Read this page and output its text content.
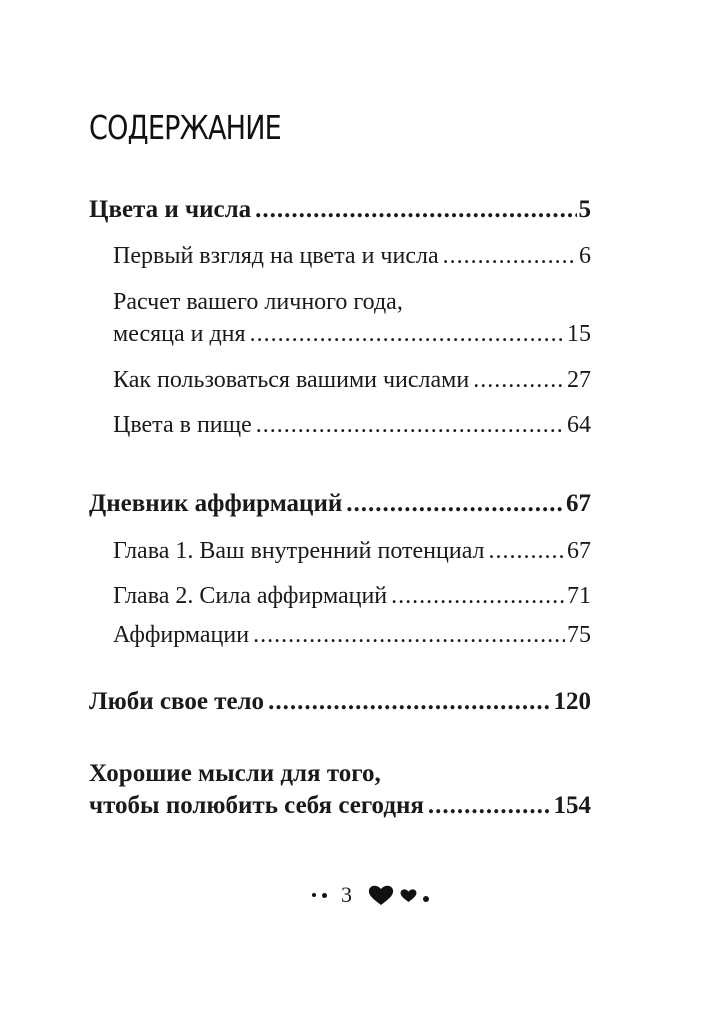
СОДЕРЖАНИЕ
Цвета и числа .....	5
Первый взгляд на цвета и числа .....	6
Расчет вашего личного года,
месяца и дня .....	15
Как пользоваться вашими числами .....	27
Цвета в пище .....	64
Дневник аффирмаций .....	67
Глава 1. Ваш внутренний потенциал .....	67
Глава 2. Сила аффирмаций .....	71
Аффирмации .....	75
Люби свое тело .....	120
Хорошие мысли для того,
чтобы полюбить себя сегодня .....	154
3
